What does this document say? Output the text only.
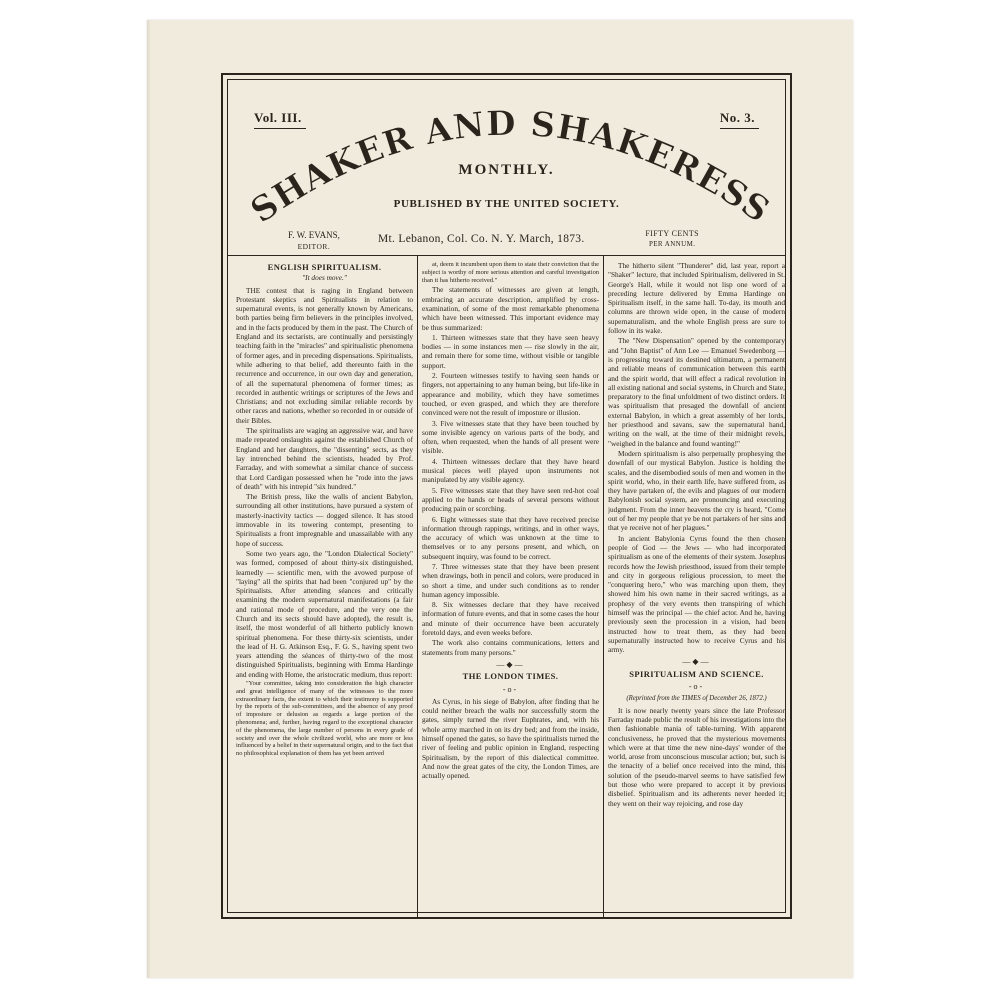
Vol. III.	No. 3.
SHAKER AND SHAKERESS
MONTHLY.
PUBLISHED BY THE UNITED SOCIETY.
F. W. EVANS,
EDITOR.
Mt. Lebanon, Col. Co. N. Y. March, 1873.	FIFTY CENTS
PER ANNUM.
ENGLISH SPIRITUALISM.
"It does move."

THE contest that is raging in England between Protestant skeptics and Spiritualists in relation to supernatural events, is not generally known by Americans, both parties being firm believers in the principles involved, and in the facts produced by them in the past. The Church of England and its sectarists, are continually and persistingly teaching faith in the "miracles" and spiritualistic phenomena of former ages, and in preceding dispensations. Spiritualists, while adhering to that belief, add thereunto faith in the recurrence and occurrence, in our own day and generation, of all the supernatural phenomena of former times; as recorded in authentic writings or scriptures of the Jews and Christians; and not excluding similar reliable records by other races and nations, whether so recorded in or outside of their Bibles.

The spiritualists are waging an aggressive war, and have made repeated onslaughts against the established Church of England and her daughters, the "dissenting" sects, as they lay intrenched behind the scientists, headed by Prof. Farraday, and with somewhat a similar chance of success that Lord Cardigan possessed when he "rode into the jaws of death" with his intrepid "six hundred."

The British press, like the walls of ancient Babylon, surrounding all other institutions, have pursued a system of masterly-inactivity tactics — dogged silence. It has stood immovable in its towering contempt, presenting to Spiritualists a front impregnable and unassailable with any hope of success.

Some two years ago, the "London Dialectical Society" was formed, composed of about thirty-six distinguished, learnedly — scientific men, with the avowed purpose of "laying" all the spirits that had been "conjured up" by the Spiritualists. After attending séances and critically examining the modern supernatural manifestations (a fair and rational mode of procedure, and the very one the Church and its sects should have adopted), the result is, itself, the most wonderful of all hitherto publicly known spiritual phenomena. For these thirty-six scientists, under the lead of H. G. Atkinson Esq., F. G. S., having spent two years attending the séances of thirty-two of the most distinguished Spiritualists, beginning with Emma Hardinge and ending with Home, the aristocratic medium, thus report:

"Your committee, taking into consideration the high character and great intelligence of many of the witnesses to the more extraordinary facts, the extent to which their testimony is supported by the reports of the sub-committees, and the absence of any proof of imposture or delusion as regards a large portion of the phenomena; and, further, having regard to the exceptional character of the phenomena, the large number of persons in every grade of society and over the whole civilized world, who are more or less influenced by a belief in their supernatural origin, and to the fact that no philosophical explanation of them has yet been arrived

at, deem it incumbent upon them to state their conviction that the subject is worthy of more serious attention and careful investigation than it has hitherto received."

The statements of witnesses are given at length, embracing an accurate description, amplified by cross-examination, of some of the most remarkable phenomena which have been witnessed. This important evidence may be thus summarized:

1. Thirteen witnesses state that they have seen heavy bodies — in some instances men — rise slowly in the air, and remain there for some time, without visible or tangible support.

2. Fourteen witnesses testify to having seen hands or fingers, not appertaining to any human being, but life-like in appearance and mobility, which they have sometimes touched, or even grasped, and which they are therefore convinced were not the result of imposture or illusion.

3. Five witnesses state that they have been touched by some invisible agency on various parts of the body, and often, when requested, when the hands of all present were visible.

4. Thirteen witnesses declare that they have heard musical pieces well played upon instruments not manipulated by any visible agency.

5. Five witnesses state that they have seen red-hot coal applied to the hands or heads of several persons without producing pain or scorching.

6. Eight witnesses state that they have received precise information through rappings, writings, and in other ways, the accuracy of which was unknown at the time to themselves or to any persons present, and which, on subsequent inquiry, was found to be correct.

7. Three witnesses state that they have been present when drawings, both in pencil and colors, were produced in so short a time, and under such conditions as to render human agency impossible.

8. Six witnesses declare that they have received information of future events, and that in some cases the hour and minute of their occurrence have been accurately foretold days, and even weeks before.

The work also contains communications, letters and statements from many persons."

—◆—
THE LONDON TIMES.
-o-

As Cyrus, in his siege of Babylon, after finding that he could neither breach the walls nor successfully storm the gates, simply turned the river Euphrates, and, with his whole army marched in on its dry bed; and from the inside, himself opened the gates, so have the spiritualists turned the river of feeling and public opinion in England, respecting Spiritualism, by the report of this dialectical committee. And now the great gates of the city, the London Times, are actually opened.

The hitherto silent "Thunderer" did, last year, report a "Shaker" lecture, that included Spiritualism, delivered in St. George's Hall, while it would not lisp one word of a preceding lecture delivered by Emma Hardinge on Spiritualism itself, in the same hall. To-day, its mouth and columns are thrown wide open, in the cause of modern supernaturalism, and the whole English press are sure to follow in its wake.

The "New Dispensation" opened by the contemporary and "John Baptist" of Ann Lee — Emanuel Swedenborg — is progressing toward its destined ultimatum, a permanent and reliable means of communication between this earth and the spirit world, that will effect a radical revolution in all existing national and social systems, in Church and State, preparatory to the final unfoldment of two distinct orders. It was spiritualism that presaged the downfall of ancient external Babylon, in which a great assembly of her lords, her priesthood and savans, saw the supernatural hand, writing on the wall, at the time of their midnight revels, "weighed in the balance and found wanting!"

Modern spiritualism is also perpetually prophesying the downfall of our mystical Babylon. Justice is holding the scales, and the disembodied souls of men and women in the spirit world, who, in their earth life, have suffered from, as they have partaken of, the evils and plagues of our modern Babylonish social system, are pronouncing and executing judgment. From the inner heavens the cry is heard, "Come out of her my people that ye be not partakers of her sins and that ye receive not of her plagues."

In ancient Babylonia Cyrus found the then chosen people of God — the Jews — who had incorporated spiritualism as one of the elements of their system. Josephus records how the Jewish priesthood, issued from their temple and city in gorgeous religious procession, to meet the "conquering hero," who was marching upon them, they showed him his own name in their sacred writings, as a prophesy of the very events then transpiring of which himself was the principal — the chief actor. And he, having previously seen the procession in a vision, had been instructed how to treat them, as they had been supernaturally instructed how to receive Cyrus and his army.

—◆—
SPIRITUALISM AND SCIENCE.
-o-
(Reprinted from the TIMES of December 26, 1872.)

It is now nearly twenty years since the late Professor Farraday made public the result of his investigations into the then fashionable mania of table-turning. With apparent conclusiveness, he proved that the mysterious movements which were at that time the new nine-days' wonder of the world, arose from unconscious muscular action; but, such is the tenacity of a belief once received into the mind, this solution of the pseudo-marvel seems to have satisfied few but those who were prepared to accept it by previous disbelief. Spiritualism and its adherents never heeded it; they went on their way rejoicing, and rose day
